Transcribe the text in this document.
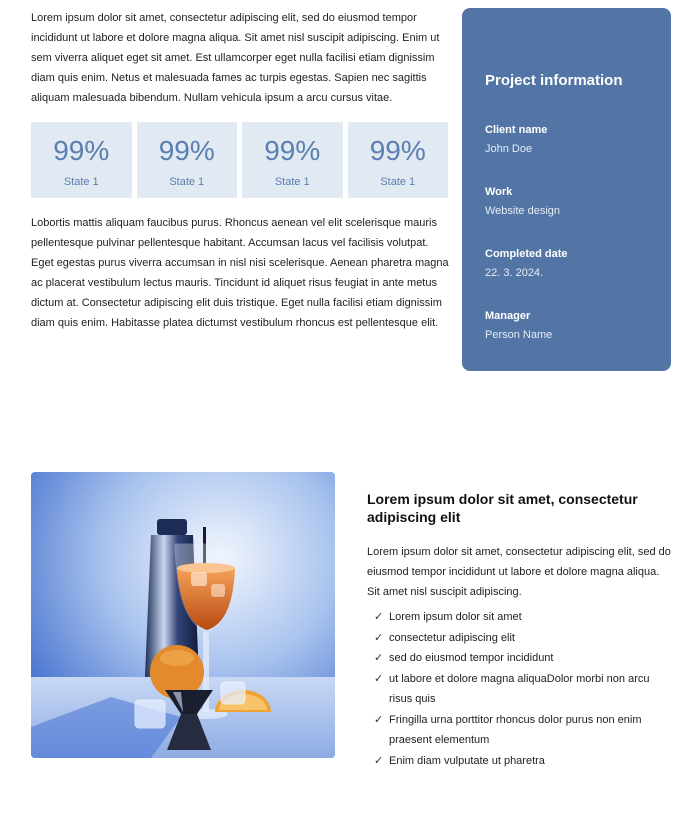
Lorem ipsum dolor sit amet, consectetur adipiscing elit, sed do eiusmod tempor incididunt ut labore et dolore magna aliqua. Sit amet nisl suscipit adipiscing. Enim ut sem viverra aliquet eget sit amet. Est ullamcorper eget nulla facilisi etiam dignissim diam quis enim. Netus et malesuada fames ac turpis egestas. Sapien nec sagittis aliquam malesuada bibendum. Nullam vehicula ipsum a arcu cursus vitae.

99%
State 1
99%
State 1
99%
State 1
99%
State 1

Lobortis mattis aliquam faucibus purus. Rhoncus aenean vel elit scelerisque mauris pellentesque pulvinar pellentesque habitant. Accumsan lacus vel facilisis volutpat. Eget egestas purus viverra accumsan in nisl nisi scelerisque. Aenean pharetra magna ac placerat vestibulum lectus mauris. Tincidunt id aliquet risus feugiat in ante metus dictum at. Consectetur adipiscing elit duis tristique. Eget nulla facilisi etiam dignissim diam quis enim. Habitasse platea dictumst vestibulum rhoncus est pellentesque elit.

Project information
Client name
John Doe
Work
Website design
Completed date
22. 3. 2024.
Manager
Person Name
Lorem ipsum dolor sit amet, consectetur adipiscing elit

Lorem ipsum dolor sit amet, consectetur adipiscing elit, sed do eiusmod tempor incididunt ut labore et dolore magna aliqua. Sit amet nisl suscipit adipiscing.

✓ Lorem ipsum dolor sit amet
✓ consectetur adipiscing elit
✓ sed do eiusmod tempor incididunt
✓ ut labore et dolore magna aliquaDolor morbi non arcu risus quis
✓ Fringilla urna porttitor rhoncus dolor purus non enim praesent elementum
✓ Enim diam vulputate ut pharetra
